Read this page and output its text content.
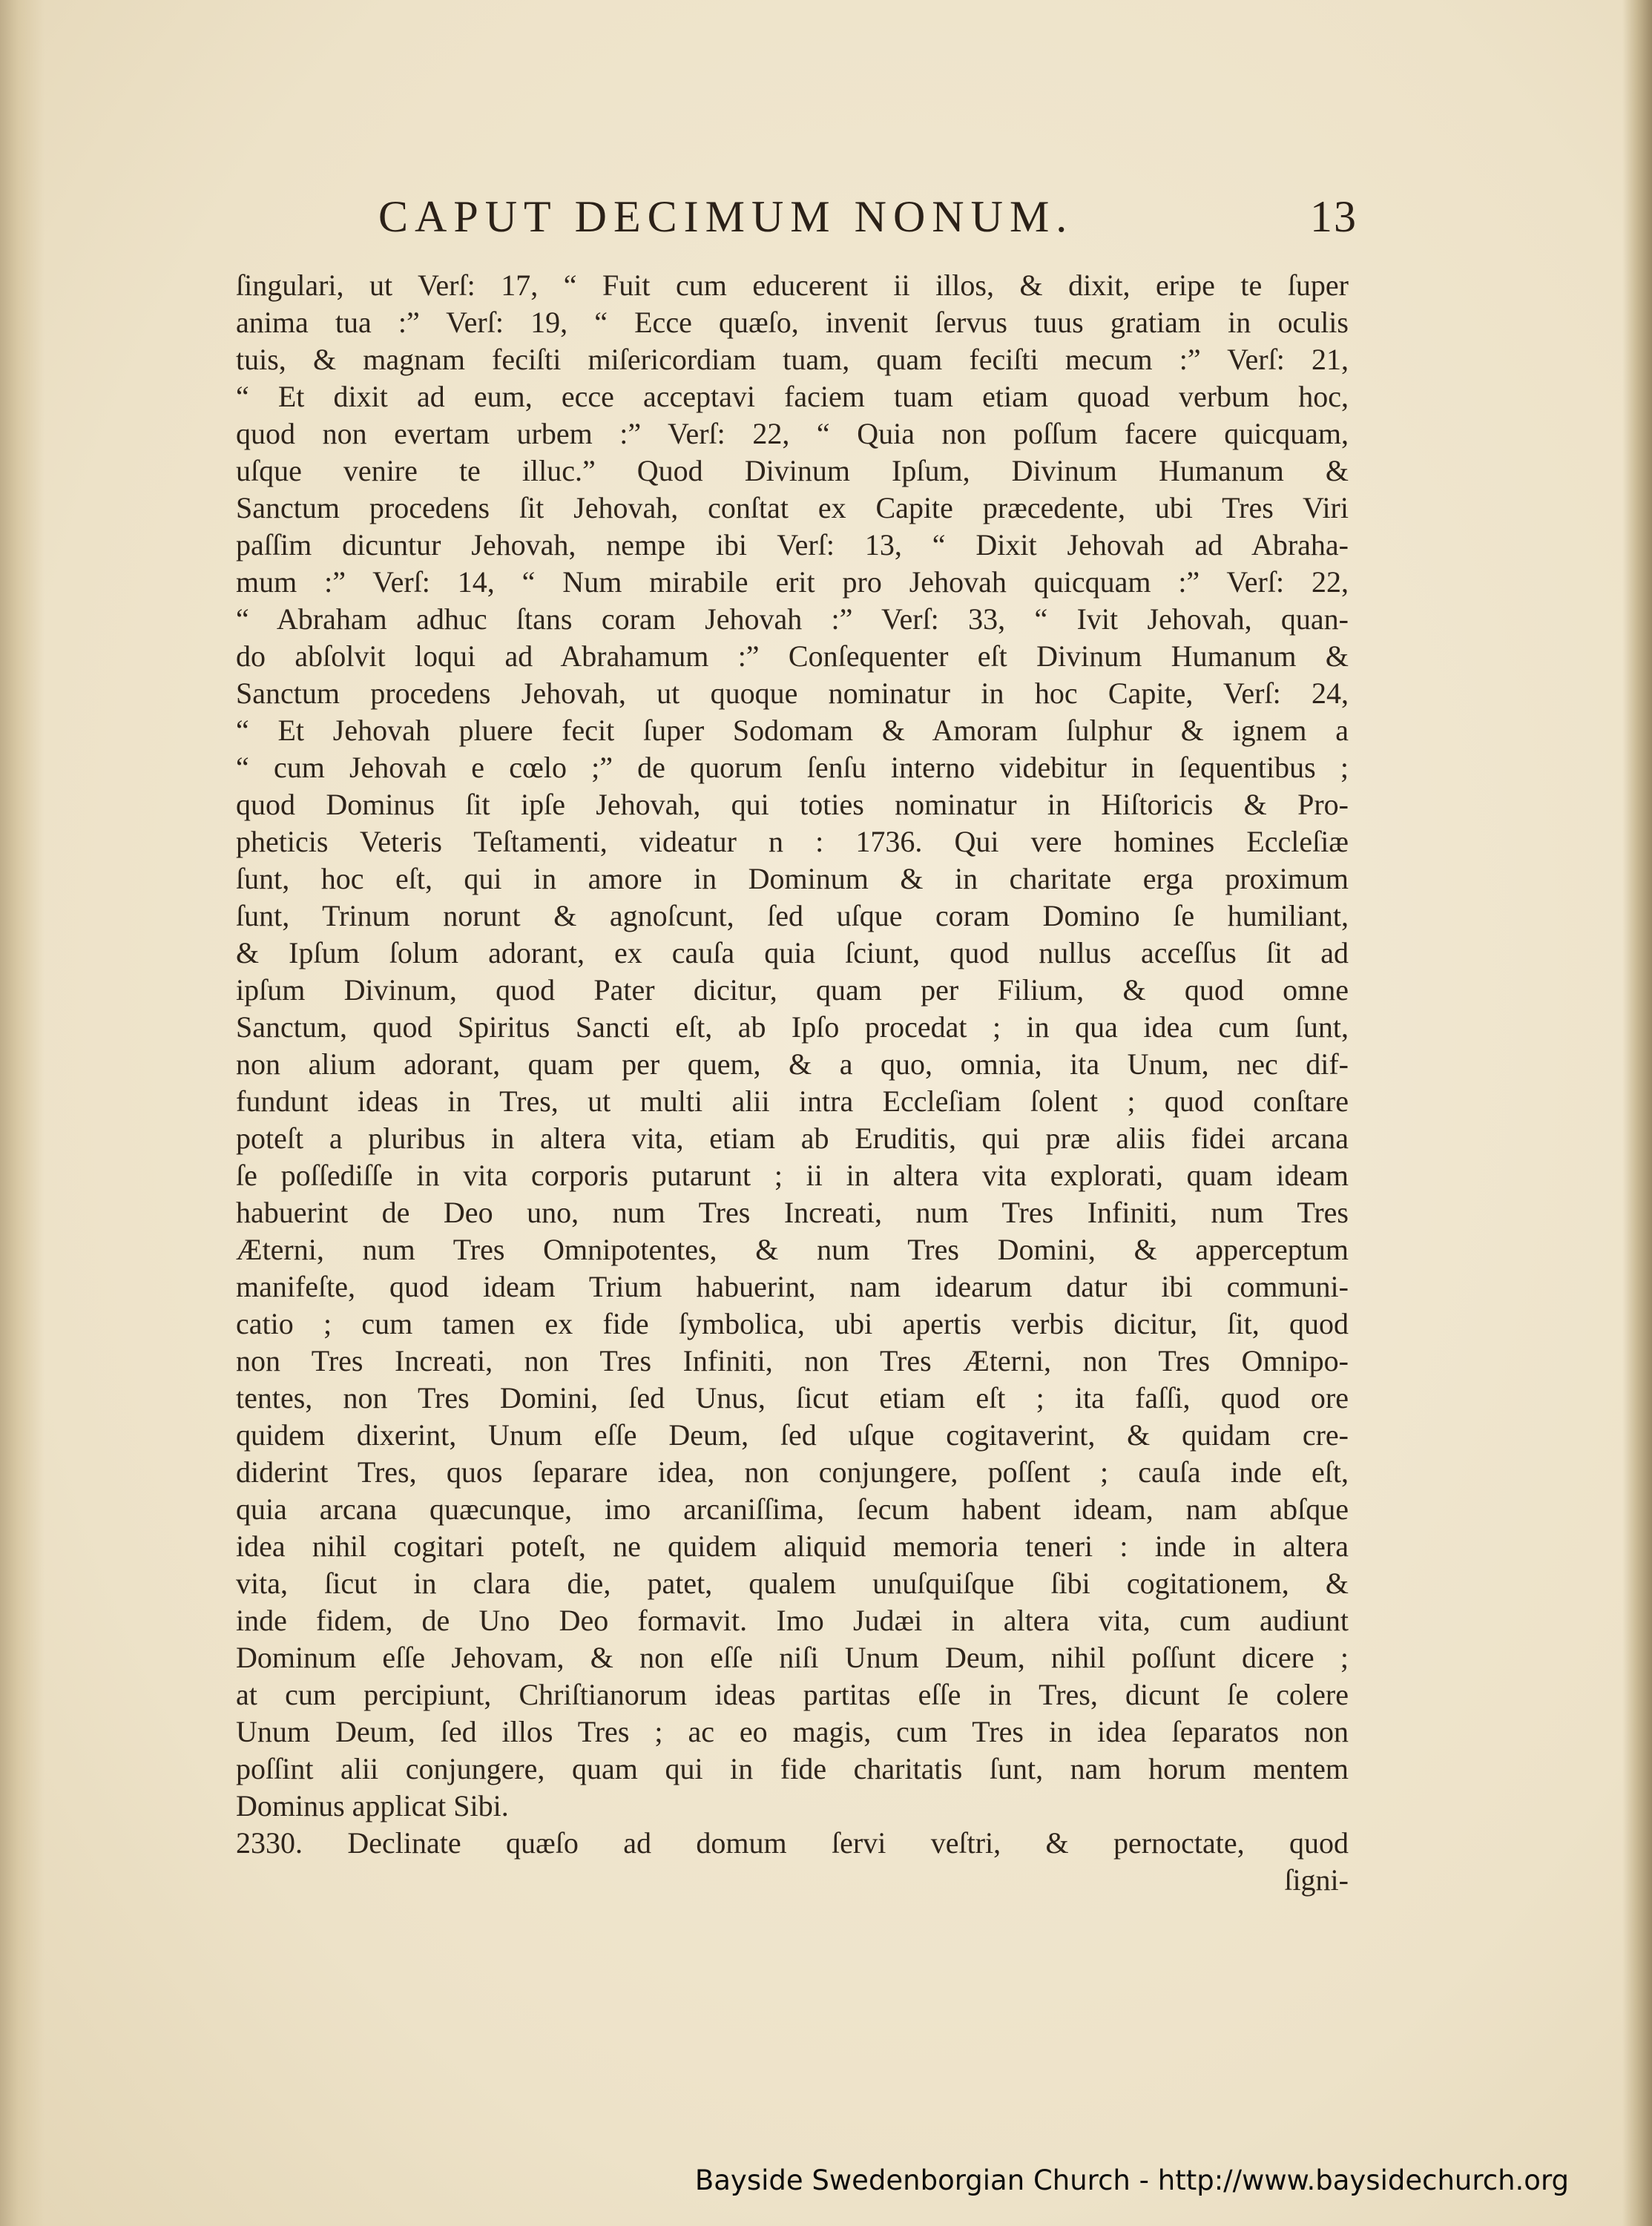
CAPUT DECIMUM NONUM.	13
ſingulari, ut Verſ: 17, “ Fuit cum educerent ii illos, & dixit, eripe te ſuper
anima tua :” Verſ: 19, “ Ecce quæſo, invenit ſervus tuus gratiam in oculis
tuis, & magnam feciſti miſericordiam tuam, quam feciſti mecum :” Verſ: 21,
“ Et dixit ad eum, ecce acceptavi faciem tuam etiam quoad verbum hoc,
quod non evertam urbem :” Verſ: 22, “ Quia non poſſum facere quicquam,
uſque venire te illuc.” Quod Divinum Ipſum, Divinum Humanum &
Sanctum procedens ſit Jehovah, conſtat ex Capite præcedente, ubi Tres Viri
paſſim dicuntur Jehovah, nempe ibi Verſ: 13, “ Dixit Jehovah ad Abraha-
mum :” Verſ: 14, “ Num mirabile erit pro Jehovah quicquam :” Verſ: 22,
“ Abraham adhuc ſtans coram Jehovah :” Verſ: 33, “ Ivit Jehovah, quan-
do abſolvit loqui ad Abrahamum :” Conſequenter eſt Divinum Humanum &
Sanctum procedens Jehovah, ut quoque nominatur in hoc Capite, Verſ: 24,
“ Et Jehovah pluere fecit ſuper Sodomam & Amoram ſulphur & ignem a
“ cum Jehovah e cœlo ;” de quorum ſenſu interno videbitur in ſequentibus ;
quod Dominus ſit ipſe Jehovah, qui toties nominatur in Hiſtoricis & Pro-
pheticis Veteris Teſtamenti, videatur n : 1736. Qui vere homines Eccleſiæ
ſunt, hoc eſt, qui in amore in Dominum & in charitate erga proximum
ſunt, Trinum norunt & agnoſcunt, ſed uſque coram Domino ſe humiliant,
& Ipſum ſolum adorant, ex cauſa quia ſciunt, quod nullus acceſſus ſit ad
ipſum Divinum, quod Pater dicitur, quam per Filium, & quod omne
Sanctum, quod Spiritus Sancti eſt, ab Ipſo procedat ; in qua idea cum ſunt,
non alium adorant, quam per quem, & a quo, omnia, ita Unum, nec dif-
fundunt ideas in Tres, ut multi alii intra Eccleſiam ſolent ; quod conſtare
poteſt a pluribus in altera vita, etiam ab Eruditis, qui præ aliis fidei arcana
ſe poſſediſſe in vita corporis putarunt ; ii in altera vita explorati, quam ideam
habuerint de Deo uno, num Tres Increati, num Tres Infiniti, num Tres
Æterni, num Tres Omnipotentes, & num Tres Domini, & apperceptum
manifeſte, quod ideam Trium habuerint, nam idearum datur ibi communi-
catio ; cum tamen ex fide ſymbolica, ubi apertis verbis dicitur, ſit, quod
non Tres Increati, non Tres Infiniti, non Tres Æterni, non Tres Omnipo-
tentes, non Tres Domini, ſed Unus, ſicut etiam eſt ; ita faſſi, quod ore
quidem dixerint, Unum eſſe Deum, ſed uſque cogitaverint, & quidam cre-
diderint Tres, quos ſeparare idea, non conjungere, poſſent ; cauſa inde eſt,
quia arcana quæcunque, imo arcaniſſima, ſecum habent ideam, nam abſque
idea nihil cogitari poteſt, ne quidem aliquid memoria teneri : inde in altera
vita, ſicut in clara die, patet, qualem unuſquiſque ſibi cogitationem, &
inde fidem, de Uno Deo formavit. Imo Judæi in altera vita, cum audiunt
Dominum eſſe Jehovam, & non eſſe niſi Unum Deum, nihil poſſunt dicere ;
at cum percipiunt, Chriſtianorum ideas partitas eſſe in Tres, dicunt ſe colere
Unum Deum, ſed illos Tres ; ac eo magis, cum Tres in idea ſeparatos non
poſſint alii conjungere, quam qui in fide charitatis ſunt, nam horum mentem
Dominus applicat Sibi.
2330. Declinate quæſo ad domum ſervi veſtri, & pernoctate, quod
ſigni-
Bayside Swedenborgian Church - http://www.baysidechurch.org
